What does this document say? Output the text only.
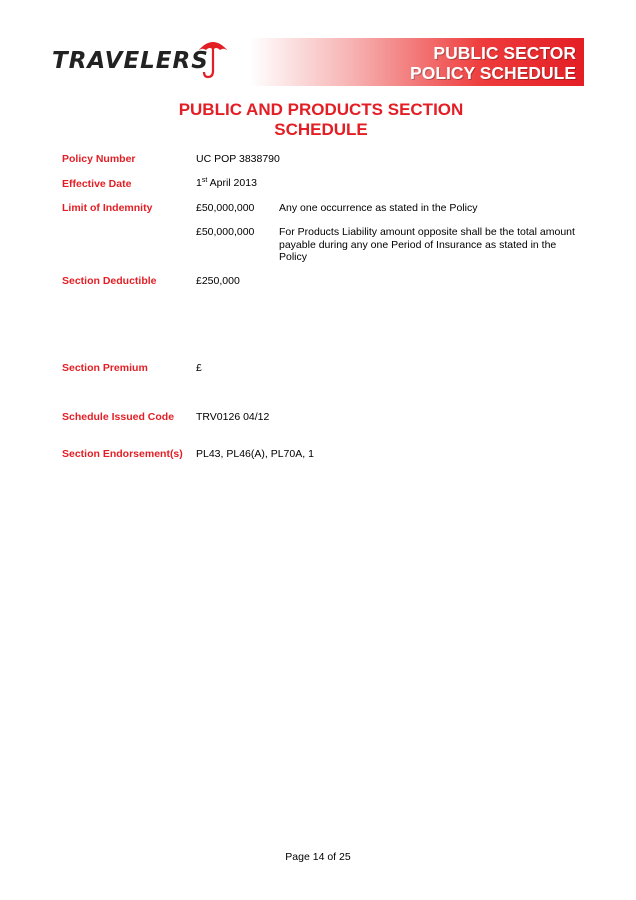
TRAVELERS	PUBLIC SECTOR
POLICY SCHEDULE
PUBLIC AND PRODUCTS SECTION
SCHEDULE
Policy Number	UC POP 3838790
Effective Date	1st April 2013
Limit of Indemnity	£50,000,000 Any one occurrence as stated in the Policy
£50,000,000 For Products Liability amount opposite shall be the total amount payable during any one Period of Insurance as stated in the Policy
Section Deductible	£250,000
Section Premium	£
Schedule Issued Code TRV0126 04/12
Section Endorsement(s) PL43, PL46(A), PL70A, 1
Page 14 of 25
